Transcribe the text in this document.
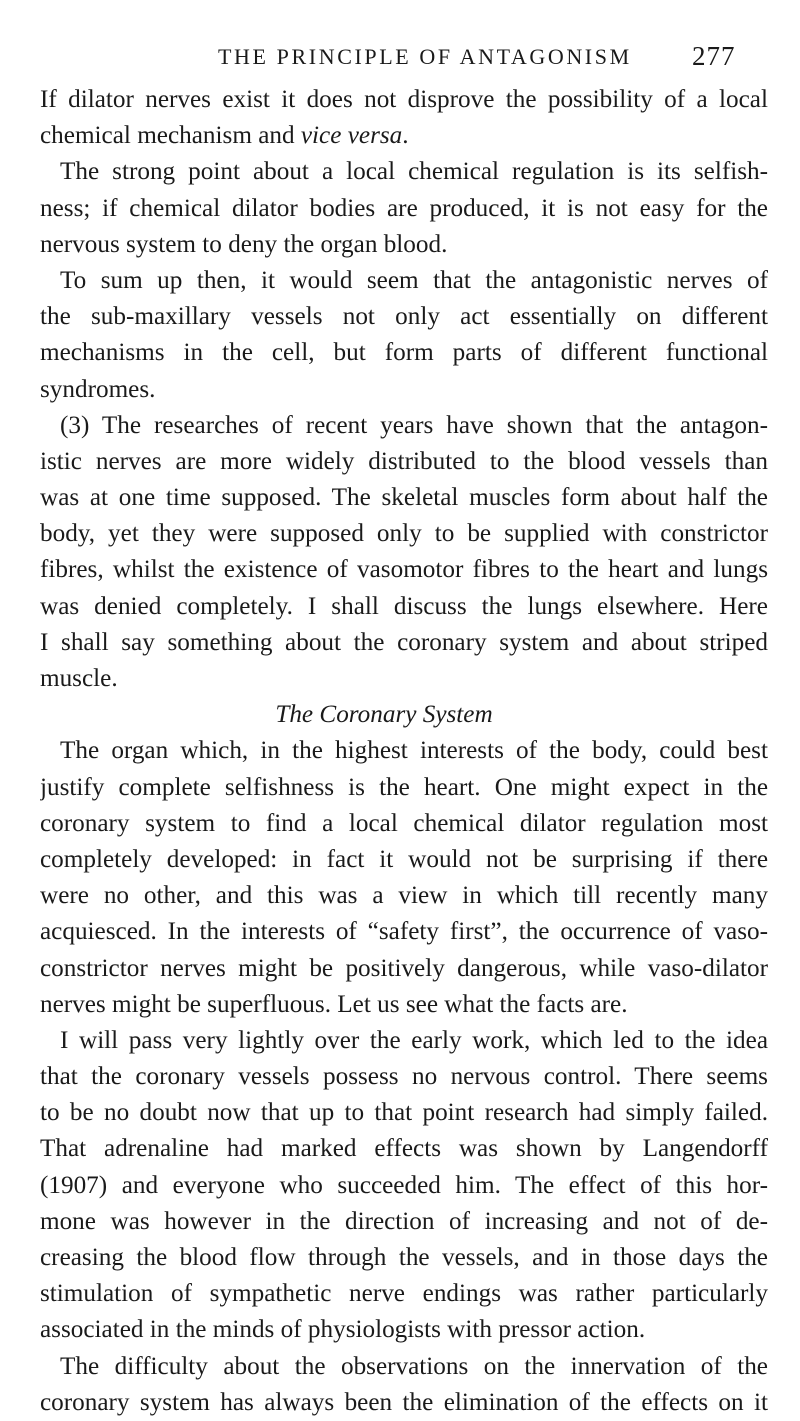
THE PRINCIPLE OF ANTAGONISM 277
If dilator nerves exist it does not disprove the possibility of a local
chemical mechanism and vice versa.
The strong point about a local chemical regulation is its selfish-
ness; if chemical dilator bodies are produced, it is not easy for the
nervous system to deny the organ blood.
To sum up then, it would seem that the antagonistic nerves of
the sub-maxillary vessels not only act essentially on different
mechanisms in the cell, but form parts of different functional
syndromes.
(3) The researches of recent years have shown that the antagon-
istic nerves are more widely distributed to the blood vessels than
was at one time supposed. The skeletal muscles form about half the
body, yet they were supposed only to be supplied with constrictor
fibres, whilst the existence of vasomotor fibres to the heart and lungs
was denied completely. I shall discuss the lungs elsewhere. Here
I shall say something about the coronary system and about striped
muscle.
The Coronary System
The organ which, in the highest interests of the body, could best
justify complete selfishness is the heart. One might expect in the
coronary system to find a local chemical dilator regulation most
completely developed: in fact it would not be surprising if there
were no other, and this was a view in which till recently many
acquiesced. In the interests of “safety first”, the occurrence of vaso-
constrictor nerves might be positively dangerous, while vaso-dilator
nerves might be superfluous. Let us see what the facts are.
I will pass very lightly over the early work, which led to the idea
that the coronary vessels possess no nervous control. There seems
to be no doubt now that up to that point research had simply failed.
That adrenaline had marked effects was shown by Langendorff
(1907) and everyone who succeeded him. The effect of this hor-
mone was however in the direction of increasing and not of de-
creasing the blood flow through the vessels, and in those days the
stimulation of sympathetic nerve endings was rather particularly
associated in the minds of physiologists with pressor action.
The difficulty about the observations on the innervation of the
coronary system has always been the elimination of the effects on it
